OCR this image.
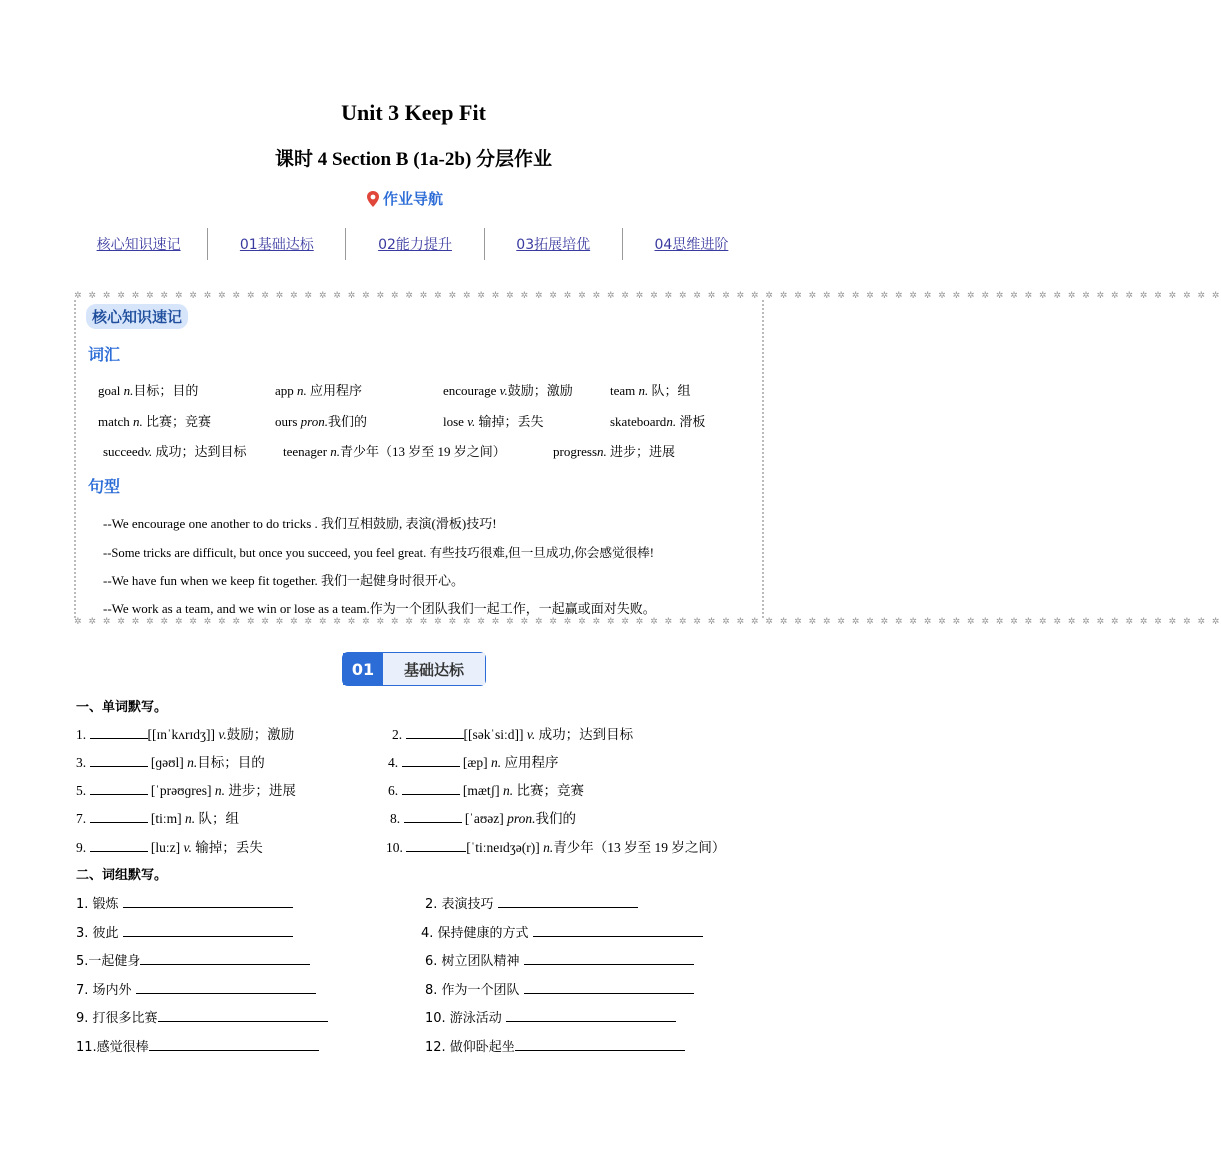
Unit 3 Keep Fit
课时 4 Section B (1a-2b) 分层作业
作业导航
核心知识速记	01基础达标	02能力提升	03拓展培优	04思维进阶
✲ ✲ ✲ ✲ ✲ ✲ ✲ ✲ ✲ ✲ ✲ ✲ ✲ ✲ ✲ ✲ ✲ ✲ ✲ ✲ ✲ ✲ ✲ ✲ ✲ ✲ ✲ ✲ ✲ ✲ ✲ ✲ ✲ ✲ ✲ ✲ ✲ ✲ ✲ ✲ ✲ ✲ ✲ ✲ ✲ ✲ ✲ ✲ ✲ ✲ ✲ ✲ ✲ ✲ ✲ ✲ ✲ ✲ ✲ ✲ ✲ ✲ ✲ ✲ ✲ ✲ ✲ ✲ ✲ ✲ ✲ ✲ ✲ ✲ ✲ ✲ ✲ ✲ ✲ ✲
✲ ✲ ✲ ✲ ✲ ✲ ✲ ✲ ✲ ✲ ✲ ✲ ✲ ✲ ✲ ✲ ✲ ✲ ✲ ✲ ✲ ✲ ✲ ✲ ✲ ✲ ✲ ✲ ✲ ✲ ✲ ✲ ✲ ✲ ✲ ✲ ✲ ✲ ✲ ✲ ✲ ✲ ✲ ✲ ✲ ✲ ✲ ✲ ✲ ✲ ✲ ✲ ✲ ✲ ✲ ✲ ✲ ✲ ✲ ✲ ✲ ✲ ✲ ✲ ✲ ✲ ✲ ✲ ✲ ✲ ✲ ✲ ✲ ✲ ✲ ✲ ✲ ✲ ✲ ✲
核心知识速记
词汇
goal n.目标；目的	app n. 应用程序	encourage v.鼓励；激励	team n. 队；组
match n. 比赛；竞赛	ours pron.我们的	lose v. 输掉；丢失	skateboardn. 滑板
succeedv. 成功；达到目标	teenager n.青少年（13 岁至 19 岁之间）	progressn. 进步；进展
句型
--We encourage one another to do tricks . 我们互相鼓励, 表演(滑板)技巧!
--Some tricks are difficult, but once you succeed, you feel great. 有些技巧很难,但一旦成功,你会感觉很棒!
--We have fun when we keep fit together. 我们一起健身时很开心。
--We work as a team, and we win or lose as a team.作为一个团队我们一起工作，一起赢或面对失败。
01	基础达标
一、单词默写。
1.	[[ɪnˈkʌrɪdʒ]] v.鼓励；激励	2.	[[səkˈsiːd]] v. 成功；达到目标
3.	[ɡəʊl] n.目标；目的	4.	[æp] n. 应用程序
5.	[ˈprəʊɡres] n. 进步；进展	6.	[mætʃ] n. 比赛；竞赛
7.	[tiːm] n. 队；组	8.	[ˈaʊəz] pron.我们的
9.	[luːz] v. 输掉；丢失	10.	[ˈtiːneɪdʒə(r)] n.青少年（13 岁至 19 岁之间）
二、词组默写。
1. 锻炼	2. 表演技巧
3. 彼此	4. 保持健康的方式
5.一起健身	6. 树立团队精神
7. 场内外	8. 作为一个团队
9. 打很多比赛	10. 游泳活动
11.感觉很棒	12. 做仰卧起坐
